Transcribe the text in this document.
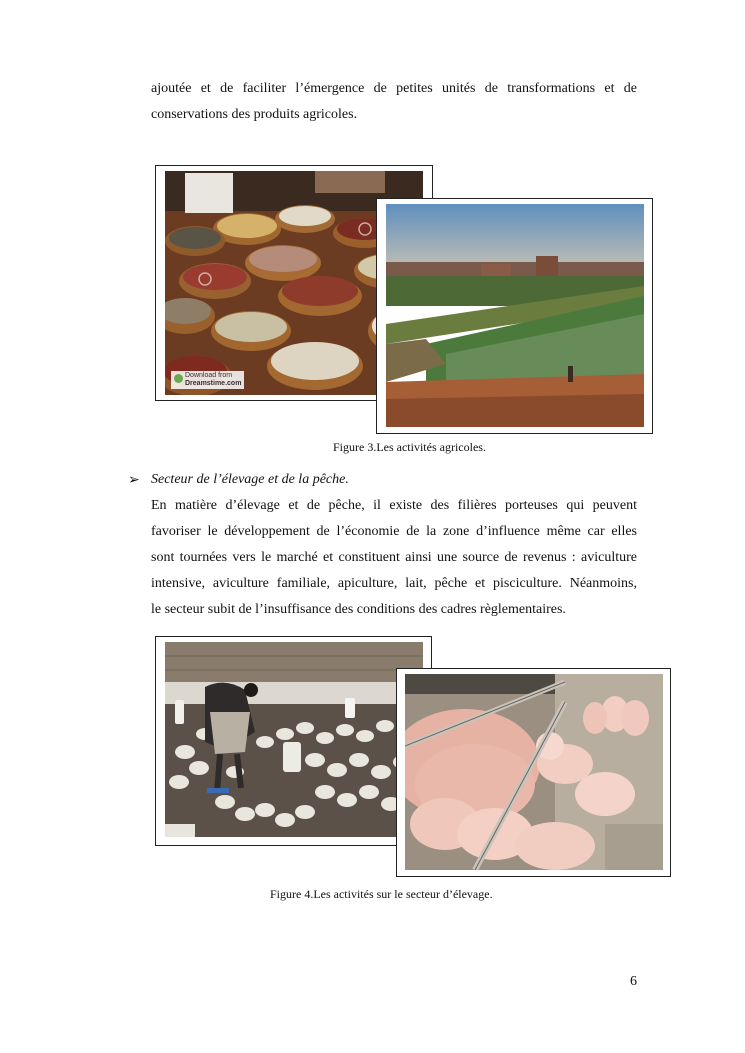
ajoutée et de faciliter l’émergence de petites unités de transformations et de
conservations des produits agricoles.
Download from
Dreamstime.com
Figure 3.Les activités agricoles.
➢ Secteur de l’élevage et de la pêche.
En matière d’élevage et de pêche, il existe des filières porteuses qui peuvent
favoriser le développement de l’économie de la zone d’influence même car elles
sont tournées vers le marché et constituent ainsi une source de revenus : aviculture
intensive, aviculture familiale, apiculture, lait, pêche et pisciculture. Néanmoins,
le secteur subit de l’insuffisance des conditions des cadres règlementaires.
Figure 4.Les activités sur le secteur d’élevage.
6
